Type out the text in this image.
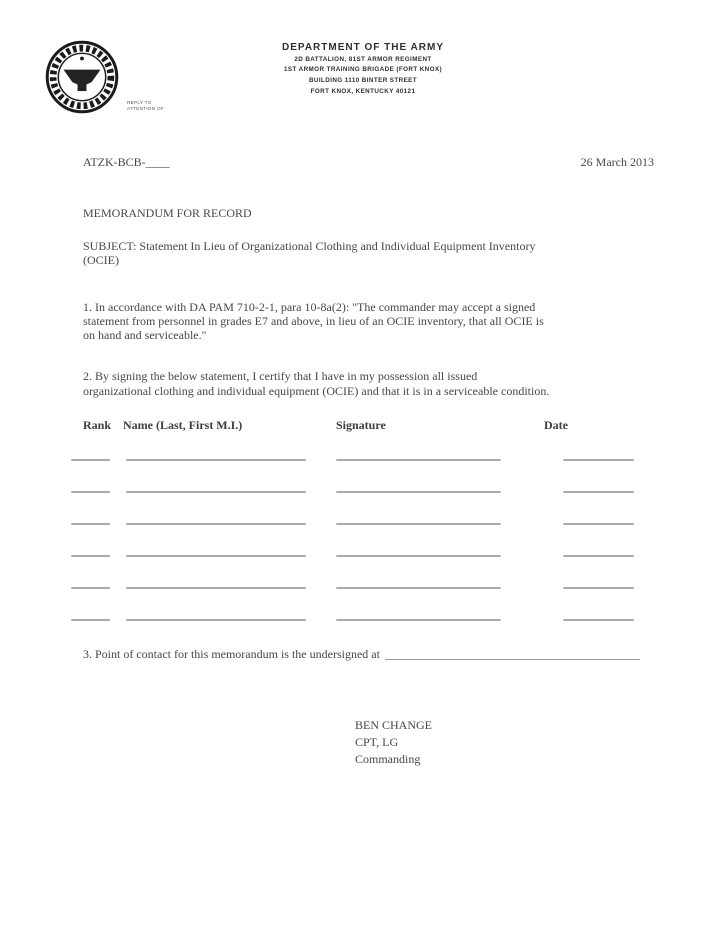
REPLY TO
ATTENTION OF
DEPARTMENT OF THE ARMY
2D BATTALION, 81ST ARMOR REGIMENT
1ST ARMOR TRAINING BRIGADE (FORT KNOX)
BUILDING 1110 BINTER STREET
FORT KNOX, KENTUCKY 40121
ATZK-BCB-____	26 March 2013
MEMORANDUM FOR RECORD
SUBJECT: Statement In Lieu of Organizational Clothing and Individual Equipment Inventory
(OCIE)
1. In accordance with DA PAM 710-2-1, para 10-8a(2): "The commander may accept a signed
statement from personnel in grades E7 and above, in lieu of an OCIE inventory, that all OCIE is
on hand and serviceable."
2. By signing the below statement, I certify that I have in my possession all issued
organizational clothing and individual equipment (OCIE) and that it is in a serviceable condition.
Rank Name (Last, First M.I.)	Signature	Date
3. Point of contact for this memorandum is the undersigned at
BEN CHANGE
CPT, LG
Commanding
